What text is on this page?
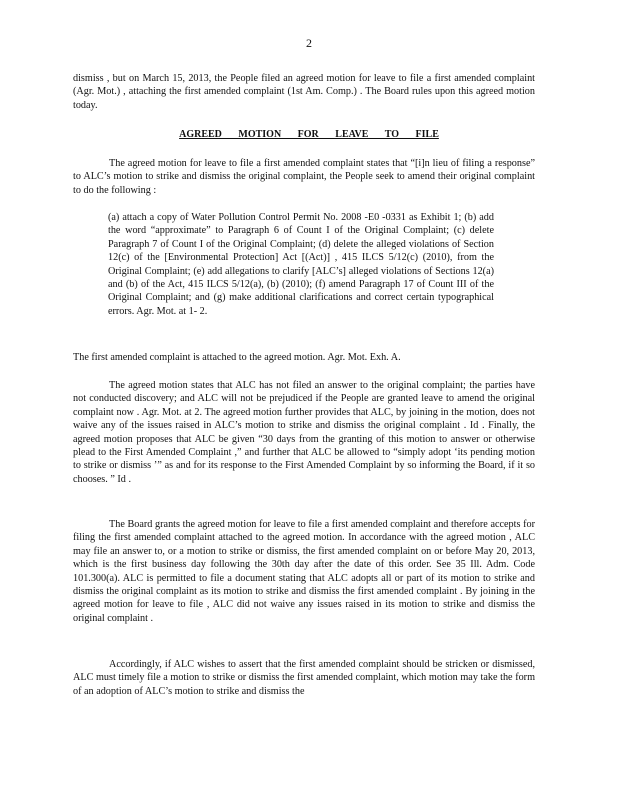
2

dismiss , but on March 15, 2013, the People filed an agreed motion for leave to file a first amended complaint (Agr. Mot.) , attaching the first amended complaint (1st Am. Comp.) . The Board rules upon this agreed motion today.

AGREED MOTION FOR LEAVE TO FILE

The agreed motion for leave to file a first amended complaint states that “[i]n lieu of filing a response” to ALC’s motion to strike and dismiss the original complaint, the People seek to amend their original complaint to do the following :

(a) attach a copy of Water Pollution Control Permit No. 2008 -E0 -0331 as Exhibit 1; (b) add the word “approximate” to Paragraph 6 of Count I of the Original Complaint; (c) delete Paragraph 7 of Count I of the Original Complaint; (d) delete the alleged violations of Section 12(c) of the [Environmental Protection] Act [(Act)] , 415 ILCS 5/12(c) (2010), from the Original Complaint; (e) add allegations to clarify [ALC’s] alleged violations of Sections 12(a) and (b) of the Act, 415 ILCS 5/12(a), (b) (2010); (f) amend Paragraph 17 of Count III of the Original Complaint; and (g) make additional clarifications and correct certain typographical errors. Agr. Mot. at 1- 2.

The first amended complaint is attached to the agreed motion. Agr. Mot. Exh. A.

The agreed motion states that ALC has not filed an answer to the original complaint; the parties have not conducted discovery; and ALC will not be prejudiced if the People are granted leave to amend the original complaint now . Agr. Mot. at 2. The agreed motion further provides that ALC, by joining in the motion, does not waive any of the issues raised in ALC’s motion to strike and dismiss the original complaint . Id . Finally, the agreed motion proposes that ALC be given “30 days from the granting of this motion to answer or otherwise plead to the First Amended Complaint ,” and further that ALC be allowed to “simply adopt ‘its pending motion to strike or dismiss ’” as and for its response to the First Amended Complaint by so informing the Board, if it so chooses. ” Id .

The Board grants the agreed motion for leave to file a first amended complaint and therefore accepts for filing the first amended complaint attached to the agreed motion. In accordance with the agreed motion , ALC may file an answer to, or a motion to strike or dismiss, the first amended complaint on or before May 20, 2013, which is the first business day following the 30th day after the date of this order. See 35 Ill. Adm. Code 101.300(a). ALC is permitted to file a document stating that ALC adopts all or part of its motion to strike and dismiss the original complaint as its motion to strike and dismiss the first amended complaint . By joining in the agreed motion for leave to file , ALC did not waive any issues raised in its motion to strike and dismiss the original complaint .

Accordingly, if ALC wishes to assert that the first amended complaint should be stricken or dismissed, ALC must timely file a motion to strike or dismiss the first amended complaint, which motion may take the form of an adoption of ALC’s motion to strike and dismiss the
